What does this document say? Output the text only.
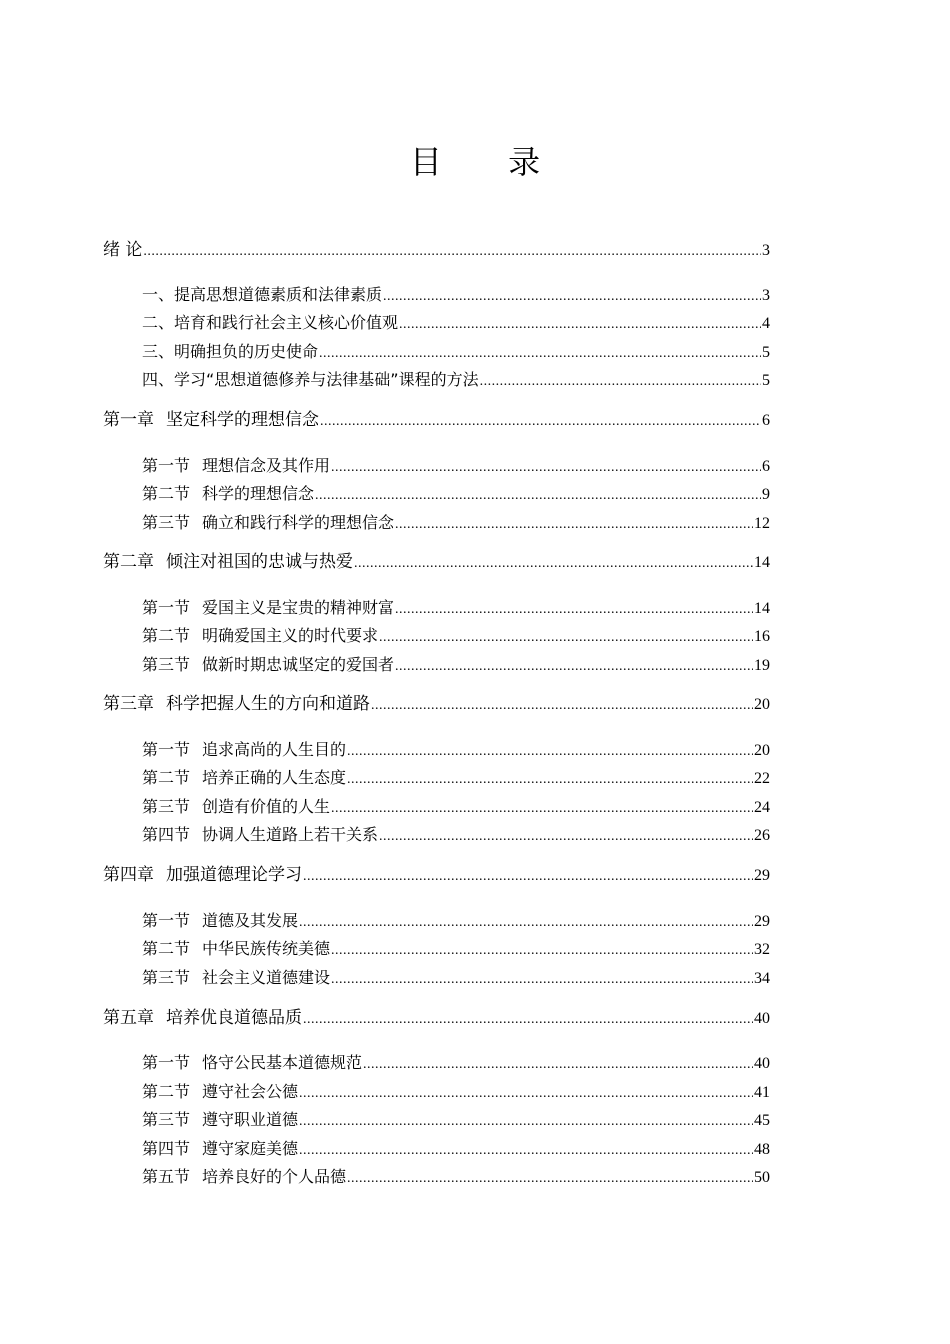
目 录
绪 论 .....	3
一、提高思想道德素质和法律素质 .....	3
二、培育和践行社会主义核心价值观 .....	4
三、明确担负的历史使命 .....	5
四、学习“思想道德修养与法律基础”课程的方法 .....	5
第一章 坚定科学的理想信念 .....	6
第一节 理想信念及其作用 .....	6
第二节 科学的理想信念 .....	9
第三节 确立和践行科学的理想信念 .....	12
第二章 倾注对祖国的忠诚与热爱 .....	14
第一节 爱国主义是宝贵的精神财富 .....	14
第二节 明确爱国主义的时代要求 .....	16
第三节 做新时期忠诚坚定的爱国者 .....	19
第三章 科学把握人生的方向和道路 .....	20
第一节 追求高尚的人生目的 .....	20
第二节 培养正确的人生态度 .....	22
第三节 创造有价值的人生 .....	24
第四节 协调人生道路上若干关系 .....	26
第四章 加强道德理论学习 .....	29
第一节 道德及其发展 .....	29
第二节 中华民族传统美德 .....	32
第三节 社会主义道德建设 .....	34
第五章 培养优良道德品质 .....	40
第一节 恪守公民基本道德规范 .....	40
第二节 遵守社会公德 .....	41
第三节 遵守职业道德 .....	45
第四节 遵守家庭美德 .....	48
第五节 培养良好的个人品德 .....	50
